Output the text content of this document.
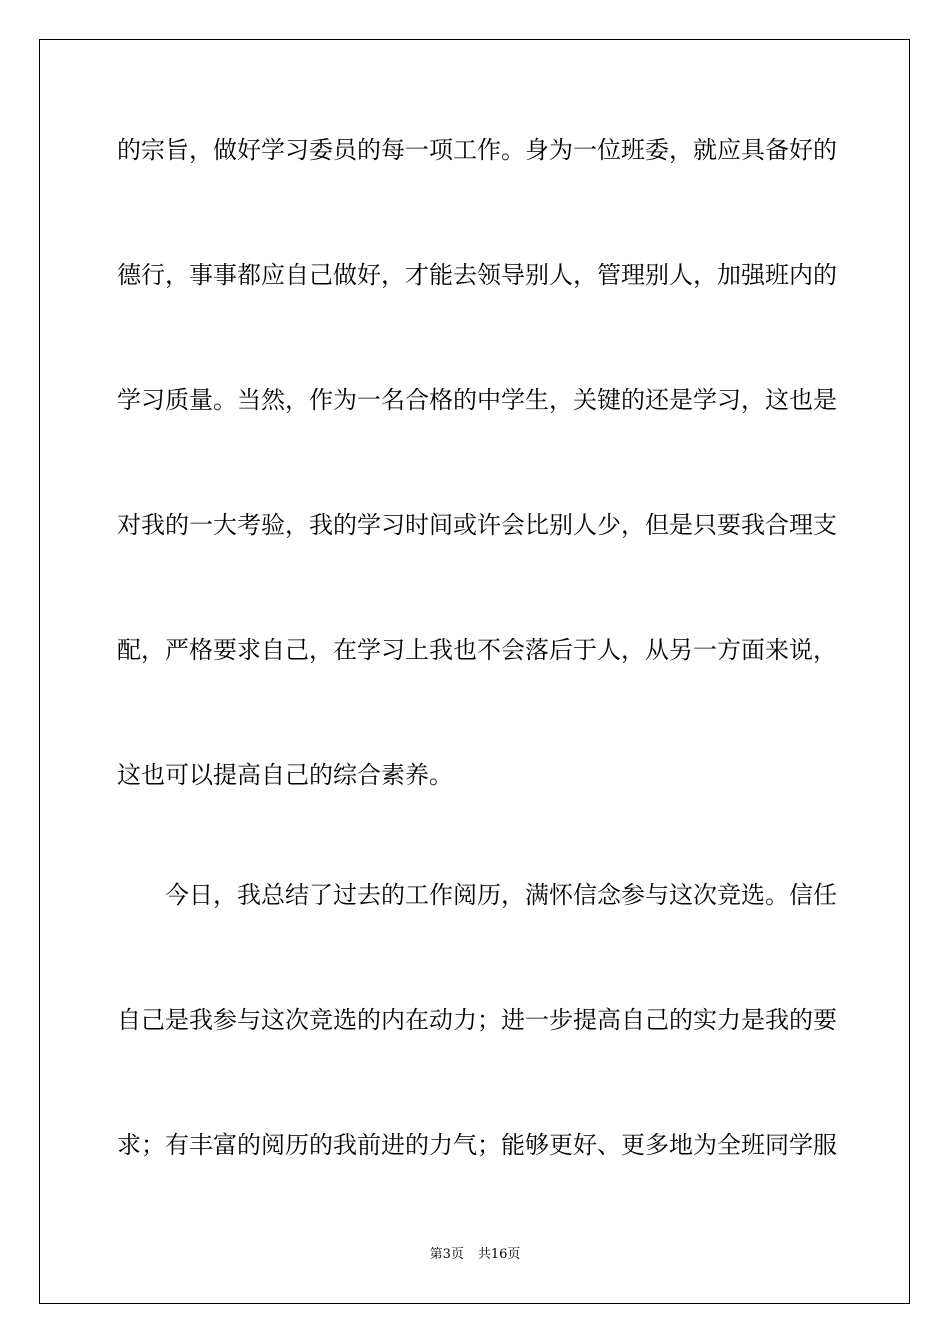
的宗旨，做好学习委员的每一项工作。身为一位班委，就应具备好的
德行，事事都应自己做好，才能去领导别人，管理别人，加强班内的
学习质量。当然，作为一名合格的中学生，关键的还是学习，这也是
对我的一大考验，我的学习时间或许会比别人少，但是只要我合理支
配，严格要求自己，在学习上我也不会落后于人，从另一方面来说，
这也可以提高自己的综合素养。
今日，我总结了过去的工作阅历，满怀信念参与这次竞选。信任
自己是我参与这次竞选的内在动力；进一步提高自己的实力是我的要
求；有丰富的阅历的我前进的力气；能够更好、更多地为全班同学服
第3页 共16页
